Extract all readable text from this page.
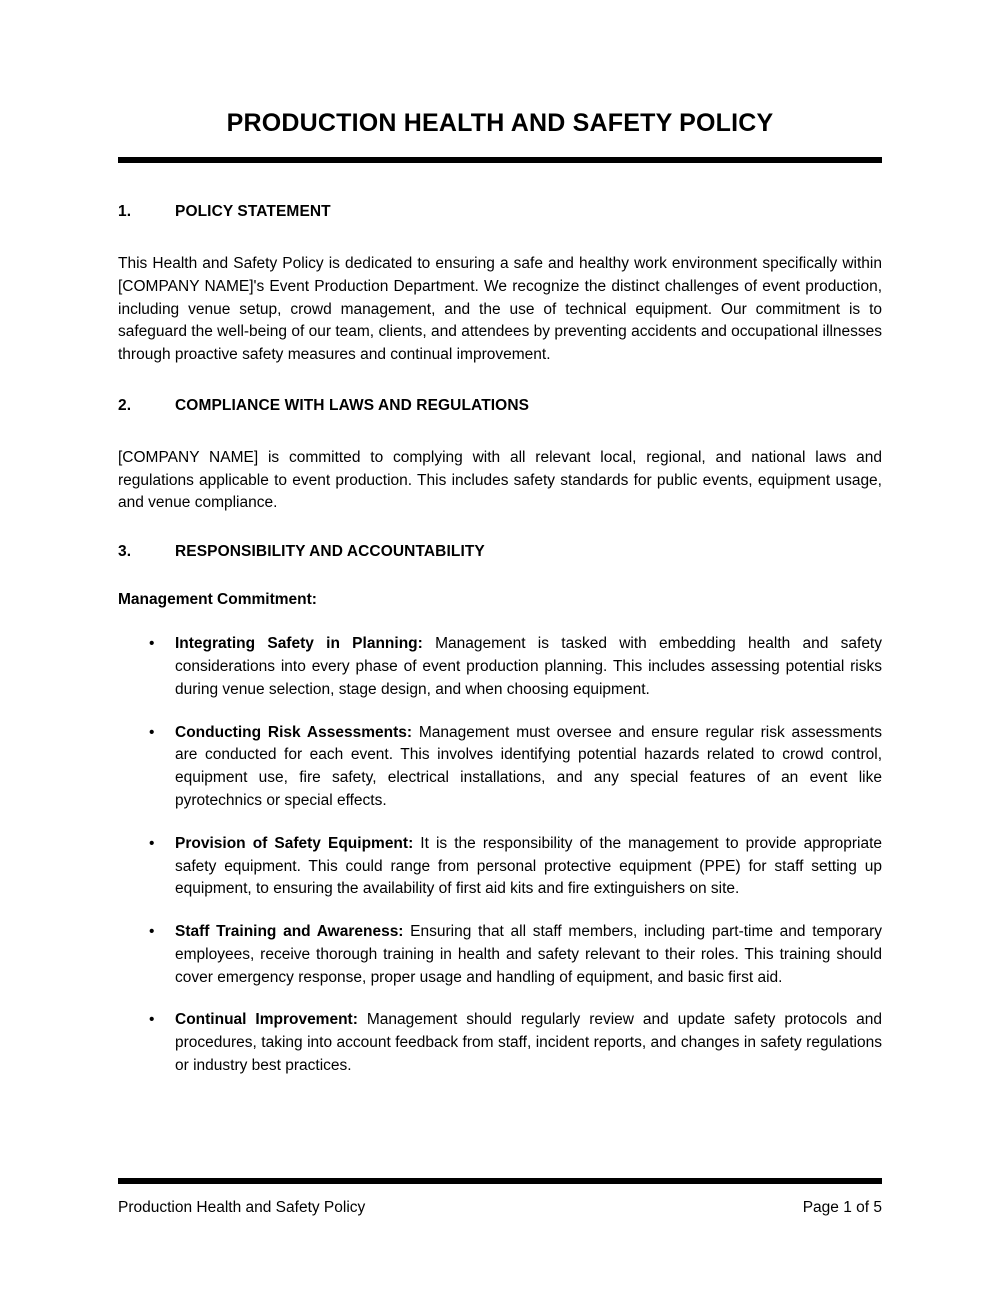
PRODUCTION HEALTH AND SAFETY POLICY
1.	POLICY STATEMENT

This Health and Safety Policy is dedicated to ensuring a safe and healthy work environment specifically within [COMPANY NAME]'s Event Production Department. We recognize the distinct challenges of event production, including venue setup, crowd management, and the use of technical equipment. Our commitment is to safeguard the well-being of our team, clients, and attendees by preventing accidents and occupational illnesses through proactive safety measures and continual improvement.

2.	COMPLIANCE WITH LAWS AND REGULATIONS

[COMPANY NAME] is committed to complying with all relevant local, regional, and national laws and regulations applicable to event production. This includes safety standards for public events, equipment usage, and venue compliance.

3.	RESPONSIBILITY AND ACCOUNTABILITY

Management Commitment:

• Integrating Safety in Planning: Management is tasked with embedding health and safety considerations into every phase of event production planning. This includes assessing potential risks during venue selection, stage design, and when choosing equipment.
• Conducting Risk Assessments: Management must oversee and ensure regular risk assessments are conducted for each event. This involves identifying potential hazards related to crowd control, equipment use, fire safety, electrical installations, and any special features of an event like pyrotechnics or special effects.
• Provision of Safety Equipment: It is the responsibility of the management to provide appropriate safety equipment. This could range from personal protective equipment (PPE) for staff setting up equipment, to ensuring the availability of first aid kits and fire extinguishers on site.
• Staff Training and Awareness: Ensuring that all staff members, including part-time and temporary employees, receive thorough training in health and safety relevant to their roles. This training should cover emergency response, proper usage and handling of equipment, and basic first aid.
• Continual Improvement: Management should regularly review and update safety protocols and procedures, taking into account feedback from staff, incident reports, and changes in safety regulations or industry best practices.
Production Health and Safety Policy	Page 1 of 5
